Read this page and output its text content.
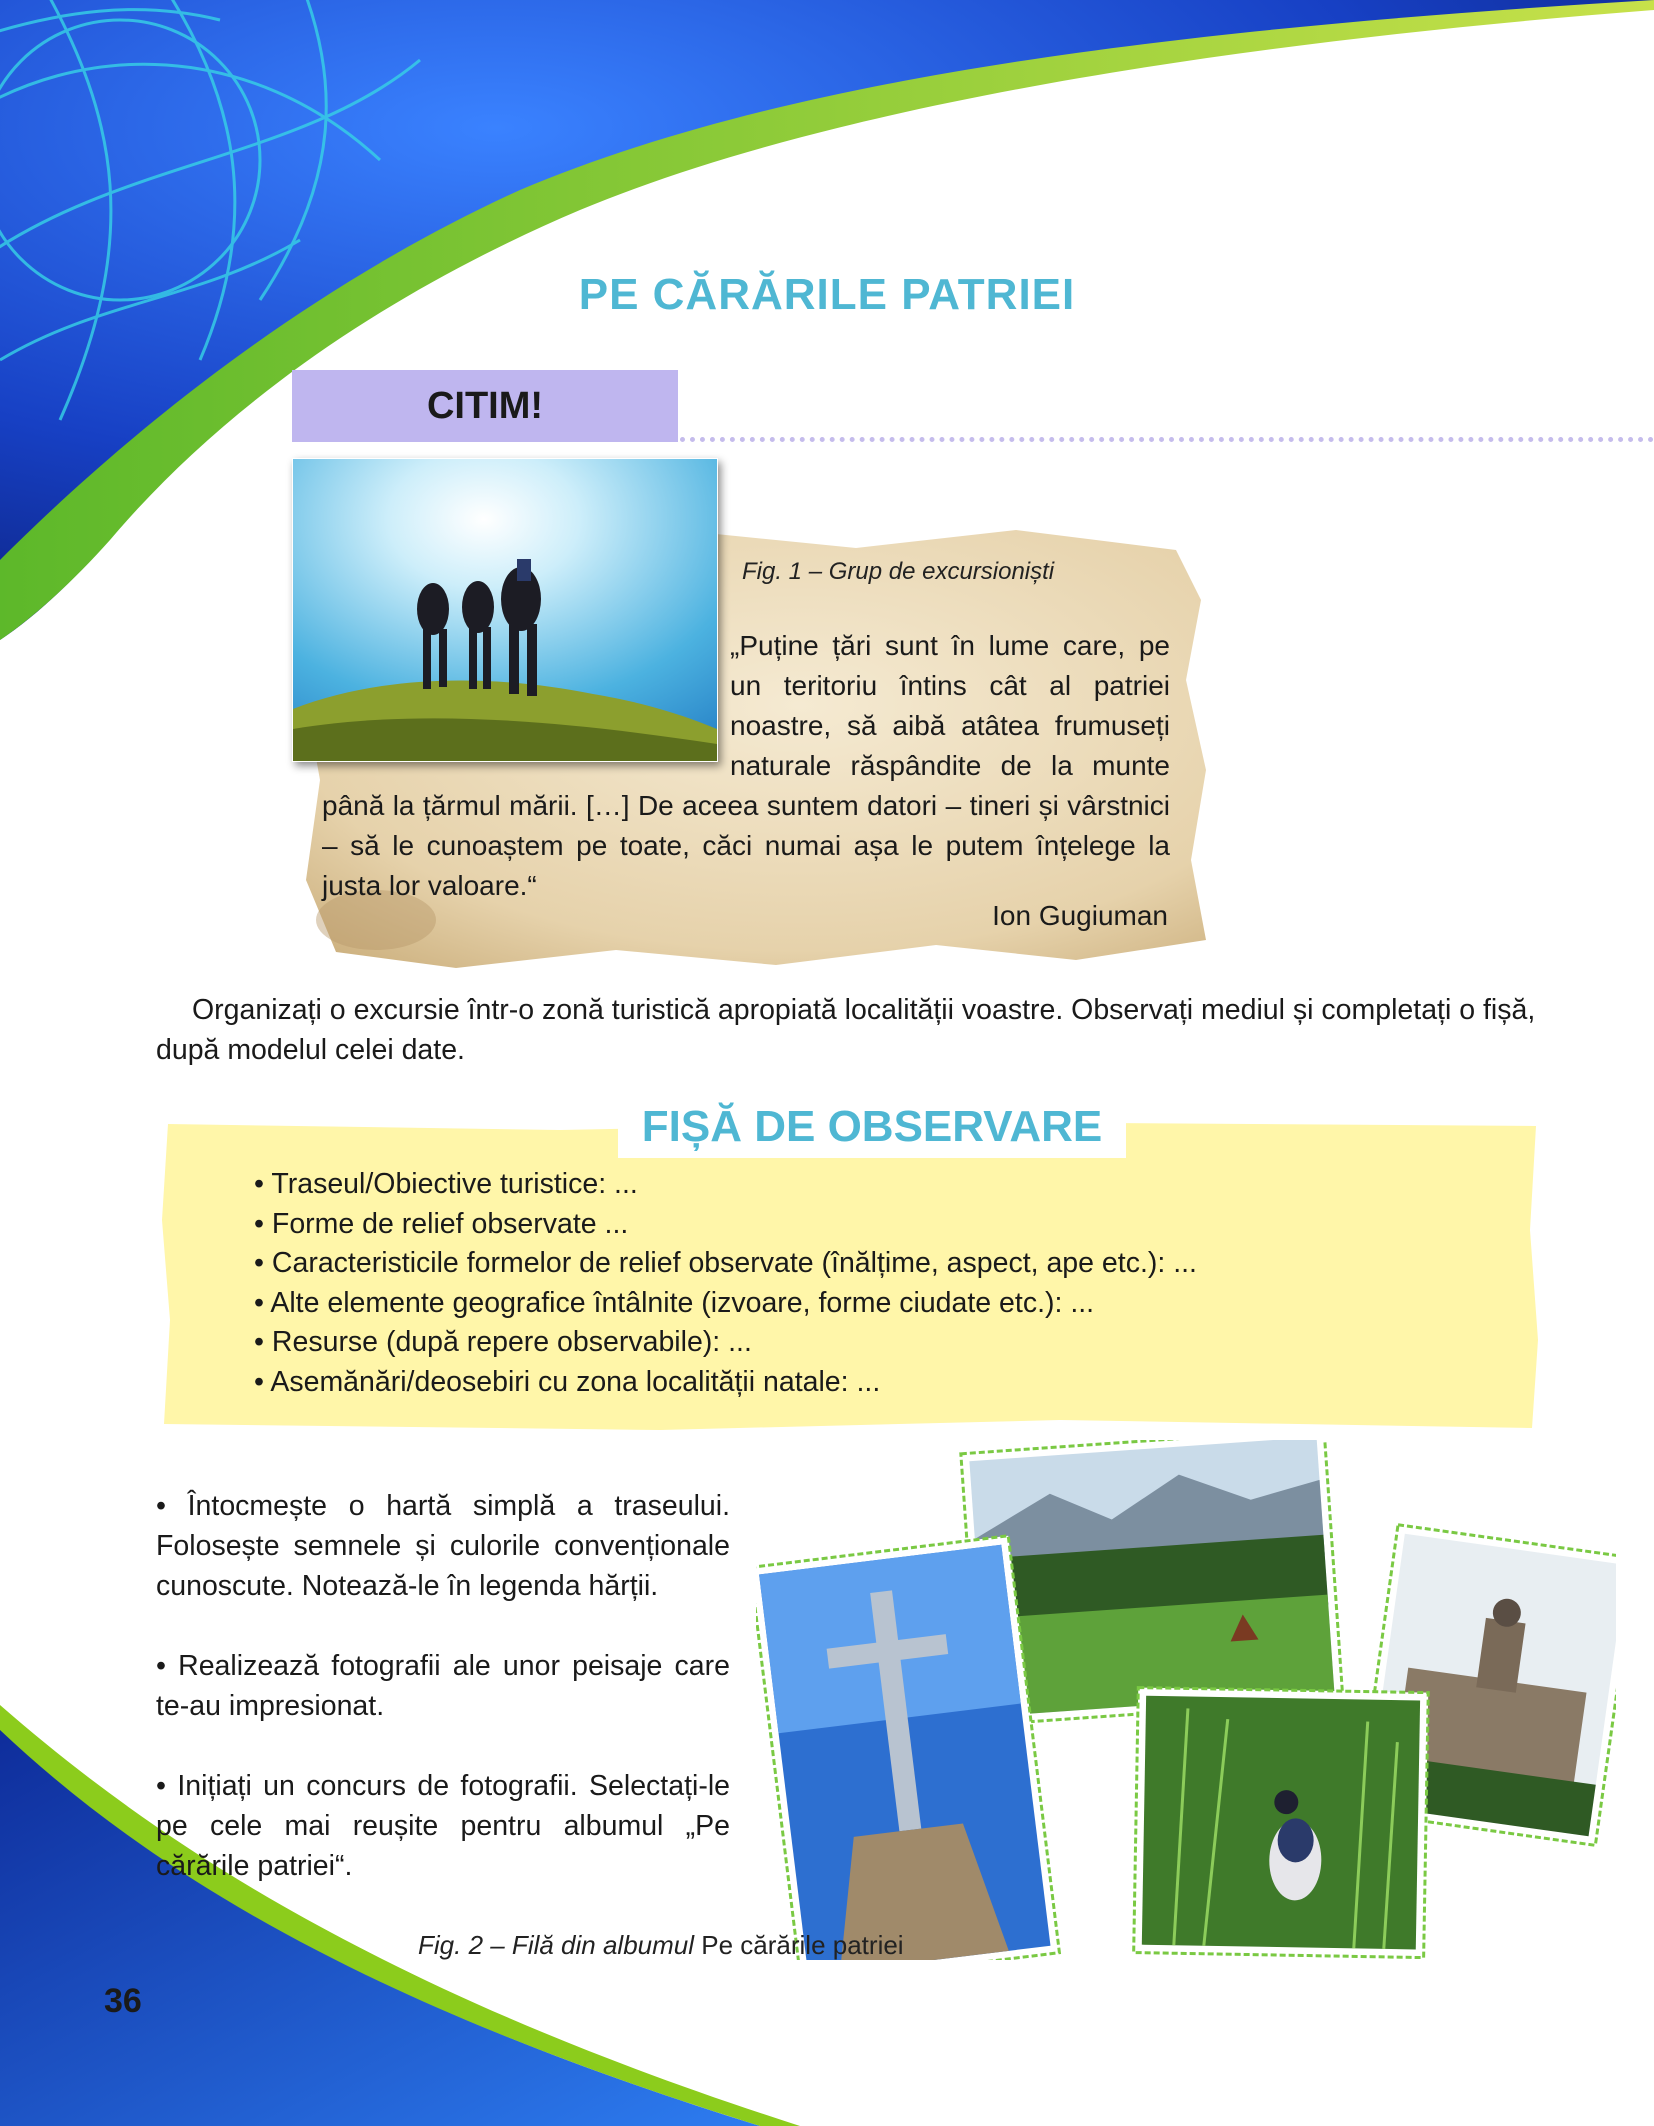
PE CĂRĂRILE PATRIEI
CITIM!
Fig. 1 – Grup de excursioniști
„Puține țări sunt în lume care, pe un teritoriu întins cât al patriei noastre, să aibă atâtea frumuseți naturale răspândite de la munte până la țărmul mării. […] De aceea suntem datori – tineri și vârstnici – să le cunoaștem pe toate, căci numai așa le putem înțelege la justa lor valoare.“
Ion Gugiuman
Organizați o excursie într-o zonă turistică apropiată localității voastre. Observați mediul și completați o fișă, după modelul celei date.
FIȘĂ DE OBSERVARE
• Traseul/Obiective turistice: ...
• Forme de relief observate ...
• Caracteristicile formelor de relief observate (înălțime, aspect, ape etc.): ...
• Alte elemente geografice întâlnite (izvoare, forme ciudate etc.): ...
• Resurse (după repere observabile): ...
• Asemănări/deosebiri cu zona localității natale: ...

• Întocmește o hartă simplă a traseului. Folosește semnele și culorile convenționale cunoscute. Notează-le în legenda hărții.

• Realizează fotografii ale unor peisaje care te-au impresionat.

• Inițiați un concurs de fotografii. Selectați-le pe cele mai reușite pentru albumul „Pe cărările patriei“.

Fig. 2 – Filă din albumul Pe cărările patriei
36
